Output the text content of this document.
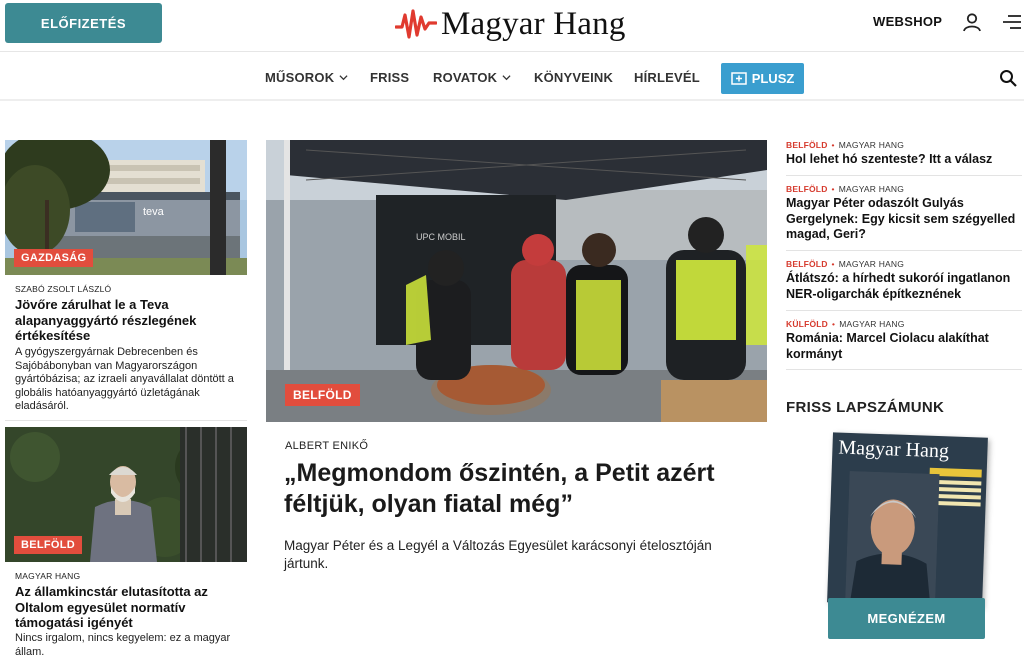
ELŐFIZETÉS	Magyar Hang	WEBSHOP
MŰSOROK	FRISS ROVATOK	KÖNYVEINK HÍRLEVÉL	PLUSZ
teva
GAZDASÁG
SZABÓ ZSOLT LÁSZLÓ
Jövőre zárulhat le a Teva alapanyaggyártó részlegének értékesítése
A gyógyszergyárnak Debrecenben és Sajóbábonyban van Magyarországon gyártóbázisa; az izraeli anyavállalat döntött a globális hatóanyaggyártó üzletágának eladásáról.
BELFÖLD
MAGYAR HANG
Az államkincstár elutasította az Oltalom egyesület normatív támogatási igényét
Nincs irgalom, nincs kegyelem: ez a magyar állam.
UPC MOBIL
BELFÖLD
ALBERT ENIKŐ
„Megmondom őszintén, a Petit azért féltjük, olyan fiatal még”
Magyar Péter és a Legyél a Változás Egyesület karácsonyi ételosztóján jártunk.
BELFÖLD • MAGYAR HANG
Hol lehet hó szenteste? Itt a válasz
BELFÖLD • MAGYAR HANG
Magyar Péter odaszólt Gulyás Gergelynek: Egy kicsit sem szégyelled magad, Geri?
BELFÖLD • MAGYAR HANG
Átlátszó: a hírhedt sukoróí ingatlanon NER-oligarchák építkeznének
KÜLFÖLD • MAGYAR HANG
Románia: Marcel Ciolacu alakíthat kormányt
FRISS LAPSZÁMUNK
Magyar Hang
MEGNÉZEM
